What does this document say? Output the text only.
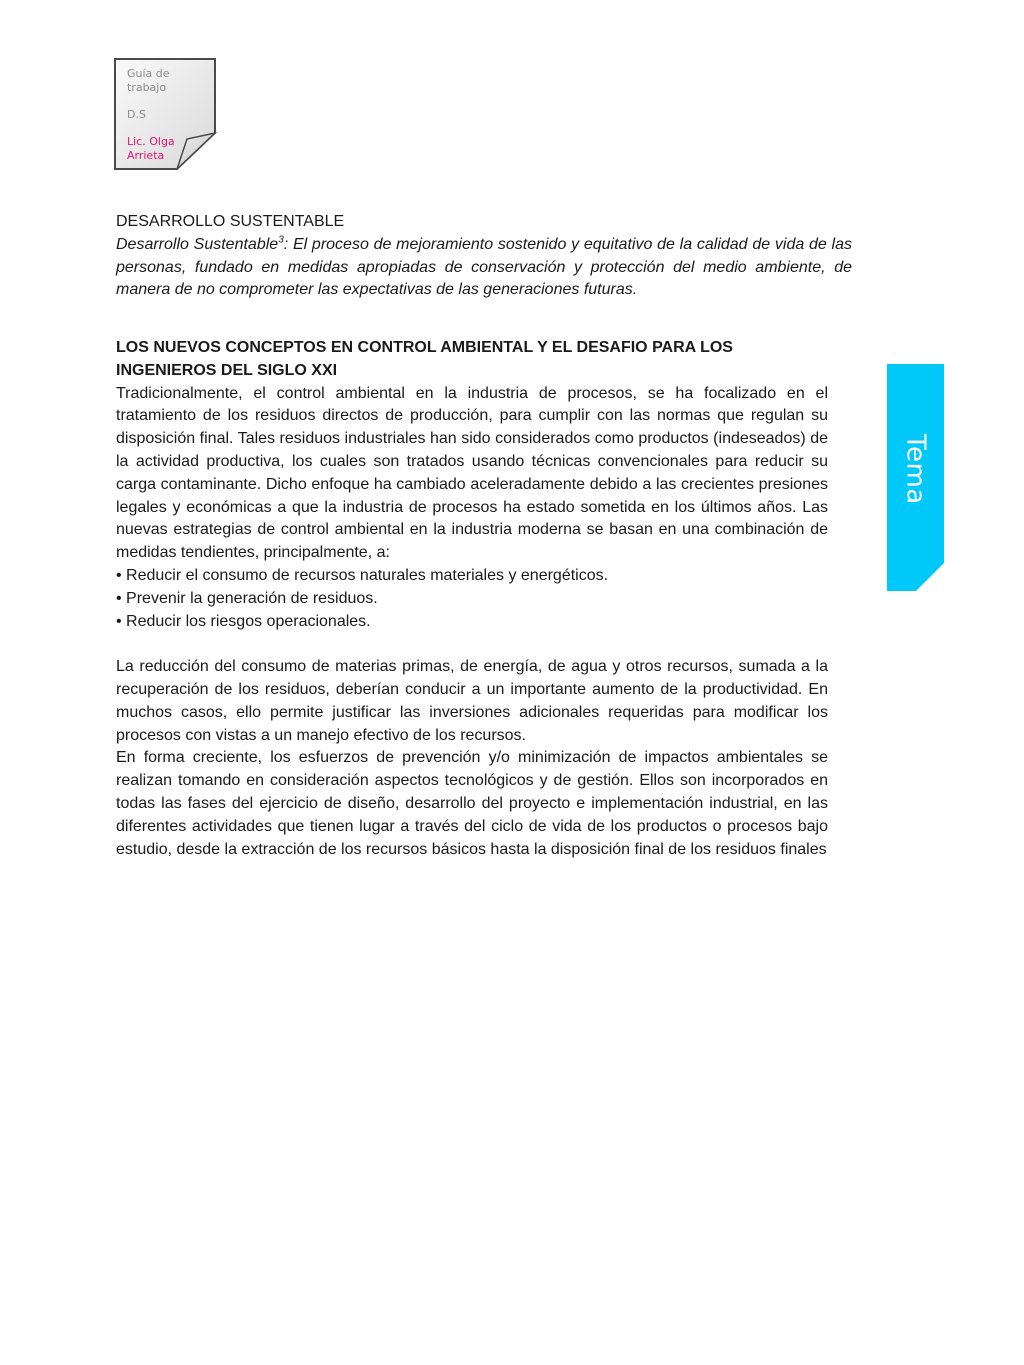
Guía de trabajo
D.S
Lic. Olga Arrieta

DESARROLLO SUSTENTABLE

Desarrollo Sustentable$^3$: El proceso de mejoramiento sostenido y equitativo de la calidad de vida de las personas, fundado en medidas apropiadas de conservación y protección del medio ambiente, de manera de no comprometer las expectativas de las generaciones futuras.

LOS NUEVOS CONCEPTOS EN CONTROL AMBIENTAL Y EL DESAFIO PARA LOS INGENIEROS DEL SIGLO XXI

Tradicionalmente, el control ambiental en la industria de procesos, se ha focalizado en el tratamiento de los residuos directos de producción, para cumplir con las normas que regulan su disposición final. Tales residuos industriales han sido considerados como productos (indeseados) de la actividad productiva, los cuales son tratados usando técnicas convencionales para reducir su carga contaminante. Dicho enfoque ha cambiado aceleradamente debido a las crecientes presiones legales y económicas a que la industria de procesos ha estado sometida en los últimos años. Las nuevas estrategias de control ambiental en la industria moderna se basan en una combinación de medidas tendientes, principalmente, a:

• Reducir el consumo de recursos naturales materiales y energéticos.
• Prevenir la generación de residuos.
• Reducir los riesgos operacionales.

La reducción del consumo de materias primas, de energía, de agua y otros recursos, sumada a la recuperación de los residuos, deberían conducir a un importante aumento de la productividad. En muchos casos, ello permite justificar las inversiones adicionales requeridas para modificar los procesos con vistas a un manejo efectivo de los recursos.

En forma creciente, los esfuerzos de prevención y/o minimización de impactos ambientales se realizan tomando en consideración aspectos tecnológicos y de gestión. Ellos son incorporados en todas las fases del ejercicio de diseño, desarrollo del proyecto e implementación industrial, en las diferentes actividades que tienen lugar a través del ciclo de vida de los productos o procesos bajo estudio, desde la extracción de los recursos básicos hasta la disposición final de los residuos finales

Tema
